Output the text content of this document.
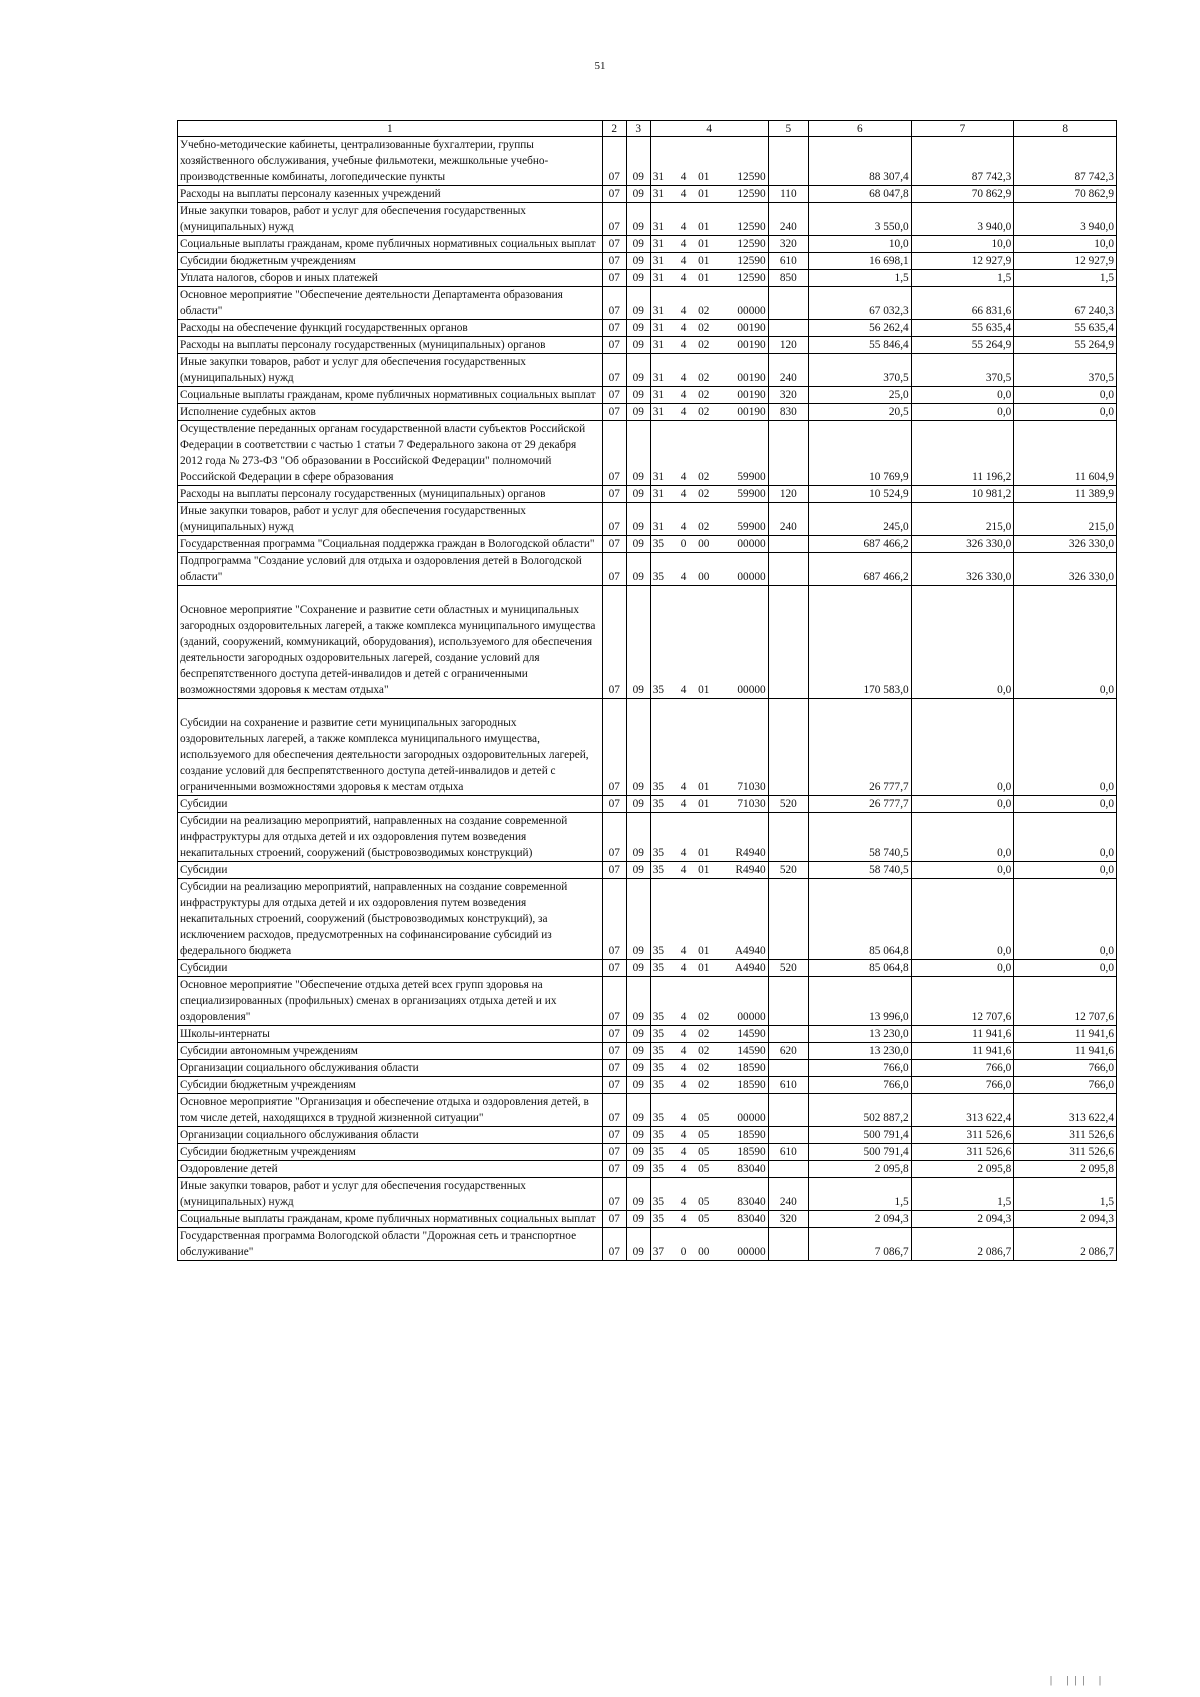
51
1	2	3	4				5	6	7	8
Учебно-методические кабинеты, централизованные бухгалтерии, группы хозяйственного обслуживания, учебные фильмотеки, межшкольные учебно-производственные комбинаты, логопедические пункты	07	09	31	4	01	12590		88 307,4	87 742,3	87 742,3
Расходы на выплаты персоналу казенных учреждений	07	09	31	4	01	12590	110	68 047,8	70 862,9	70 862,9
Иные закупки товаров, работ и услуг для обеспечения государственных (муниципальных) нужд	07	09	31	4	01	12590	240	3 550,0	3 940,0	3 940,0
Социальные выплаты гражданам, кроме публичных нормативных социальных выплат	07	09	31	4	01	12590	320	10,0	10,0	10,0
Субсидии бюджетным учреждениям	07	09	31	4	01	12590	610	16 698,1	12 927,9	12 927,9
Уплата налогов, сборов и иных платежей	07	09	31	4	01	12590	850	1,5	1,5	1,5
Основное мероприятие "Обеспечение деятельности Департамента образования области"	07	09	31	4	02	00000		67 032,3	66 831,6	67 240,3
Расходы на обеспечение функций государственных органов	07	09	31	4	02	00190		56 262,4	55 635,4	55 635,4
Расходы на выплаты персоналу государственных (муниципальных) органов	07	09	31	4	02	00190	120	55 846,4	55 264,9	55 264,9
Иные закупки товаров, работ и услуг для обеспечения государственных (муниципальных) нужд	07	09	31	4	02	00190	240	370,5	370,5	370,5
Социальные выплаты гражданам, кроме публичных нормативных социальных выплат	07	09	31	4	02	00190	320	25,0	0,0	0,0
Исполнение судебных актов	07	09	31	4	02	00190	830	20,5	0,0	0,0
Осуществление переданных органам государственной власти субъектов Российской Федерации в соответствии с частью 1 статьи 7 Федерального закона от 29 декабря 2012 года № 273-ФЗ "Об образовании в Российской Федерации" полномочий Российской Федерации в сфере образования	07	09	31	4	02	59900		10 769,9	11 196,2	11 604,9
Расходы на выплаты персоналу государственных (муниципальных) органов	07	09	31	4	02	59900	120	10 524,9	10 981,2	11 389,9
Иные закупки товаров, работ и услуг для обеспечения государственных (муниципальных) нужд	07	09	31	4	02	59900	240	245,0	215,0	215,0
Государственная программа "Социальная поддержка граждан в Вологодской области"	07	09	35	0	00	00000		687 466,2	326 330,0	326 330,0
Подпрограмма "Создание условий для отдыха и оздоровления детей в Вологодской области"	07	09	35	4	00	00000		687 466,2	326 330,0	326 330,0
Основное мероприятие "Сохранение и развитие сети областных и муниципальных загородных оздоровительных лагерей, а также комплекса муниципального имущества (зданий, сооружений, коммуникаций, оборудования), используемого для обеспечения деятельности загородных оздоровительных лагерей, создание условий для беспрепятственного доступа детей-инвалидов и детей с ограниченными возможностями здоровья к местам отдыха"	07	09	35	4	01	00000		170 583,0	0,0	0,0
Субсидии на сохранение и развитие сети муниципальных загородных оздоровительных лагерей, а также комплекса муниципального имущества, используемого для обеспечения деятельности загородных оздоровительных лагерей, создание условий для беспрепятственного доступа детей-инвалидов и детей с ограниченными возможностями здоровья к местам отдыха	07	09	35	4	01	71030		26 777,7	0,0	0,0
Субсидии	07	09	35	4	01	71030	520	26 777,7	0,0	0,0
Субсидии на реализацию мероприятий, направленных на создание современной инфраструктуры для отдыха детей и их оздоровления путем возведения некапитальных строений, сооружений (быстровозводимых конструкций)	07	09	35	4	01	R4940		58 740,5	0,0	0,0
Субсидии	07	09	35	4	01	R4940	520	58 740,5	0,0	0,0
Субсидии на реализацию мероприятий, направленных на создание современной инфраструктуры для отдыха детей и их оздоровления путем возведения некапитальных строений, сооружений (быстровозводимых конструкций), за исключением расходов, предусмотренных на софинансирование субсидий из федерального бюджета	07	09	35	4	01	А4940		85 064,8	0,0	0,0
Субсидии	07	09	35	4	01	А4940	520	85 064,8	0,0	0,0
Основное мероприятие "Обеспечение отдыха детей всех групп здоровья на специализированных (профильных) сменах в организациях отдыха детей и их оздоровления"	07	09	35	4	02	00000		13 996,0	12 707,6	12 707,6
Школы-интернаты	07	09	35	4	02	14590		13 230,0	11 941,6	11 941,6
Субсидии автономным учреждениям	07	09	35	4	02	14590	620	13 230,0	11 941,6	11 941,6
Организации социального обслуживания области	07	09	35	4	02	18590		766,0	766,0	766,0
Субсидии бюджетным учреждениям	07	09	35	4	02	18590	610	766,0	766,0	766,0
Основное мероприятие "Организация и обеспечение отдыха и оздоровления детей, в том числе детей, находящихся в трудной жизненной ситуации"	07	09	35	4	05	00000		502 887,2	313 622,4	313 622,4
Организации социального обслуживания области	07	09	35	4	05	18590		500 791,4	311 526,6	311 526,6
Субсидии бюджетным учреждениям	07	09	35	4	05	18590	610	500 791,4	311 526,6	311 526,6
Оздоровление детей	07	09	35	4	05	83040		2 095,8	2 095,8	2 095,8
Иные закупки товаров, работ и услуг для обеспечения государственных (муниципальных) нужд	07	09	35	4	05	83040	240	1,5	1,5	1,5
Социальные выплаты гражданам, кроме публичных нормативных социальных выплат	07	09	35	4	05	83040	320	2 094,3	2 094,3	2 094,3
Государственная программа Вологодской области "Дорожная сеть и транспортное обслуживание"	07	09	37	0	00	00000		7 086,7	2 086,7	2 086,7
| ||| |
